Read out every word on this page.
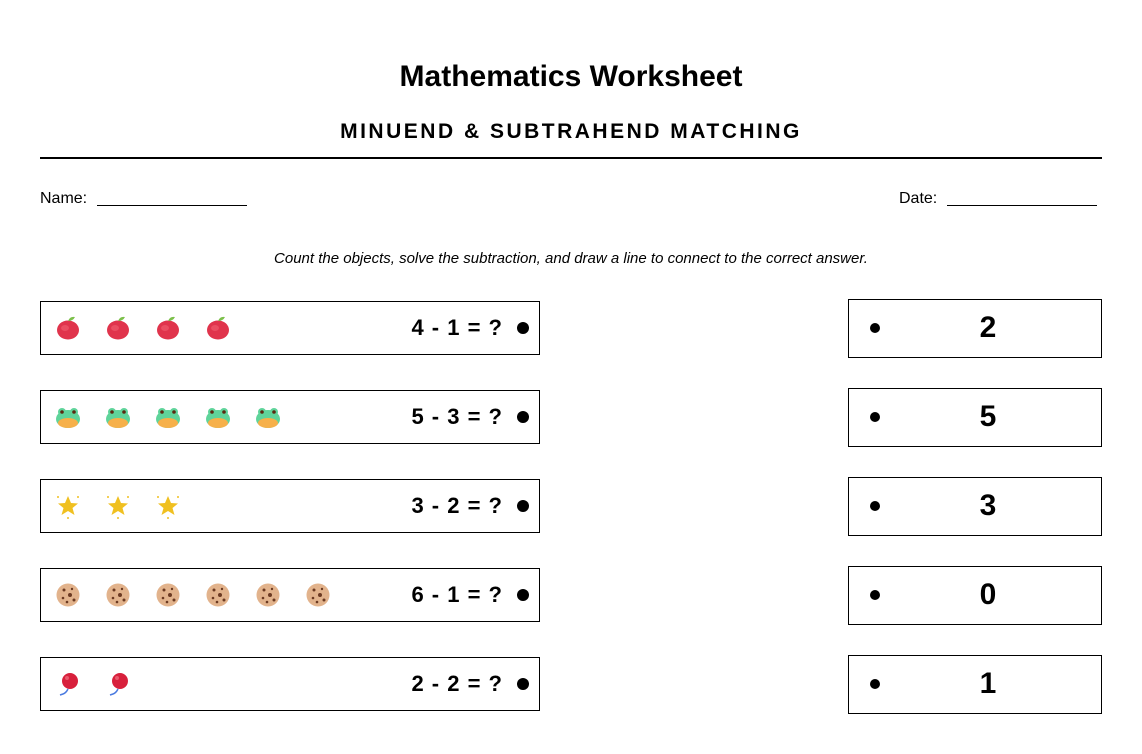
Mathematics Worksheet
MINUEND & SUBTRAHEND MATCHING
Name:	Date:
Count the objects, solve the subtraction, and draw a line to connect to the correct answer.
4 - 1 = ?
5 - 3 = ?
3 - 2 = ?
6 - 1 = ?
2 - 2 = ?
2
5
3
0
1
